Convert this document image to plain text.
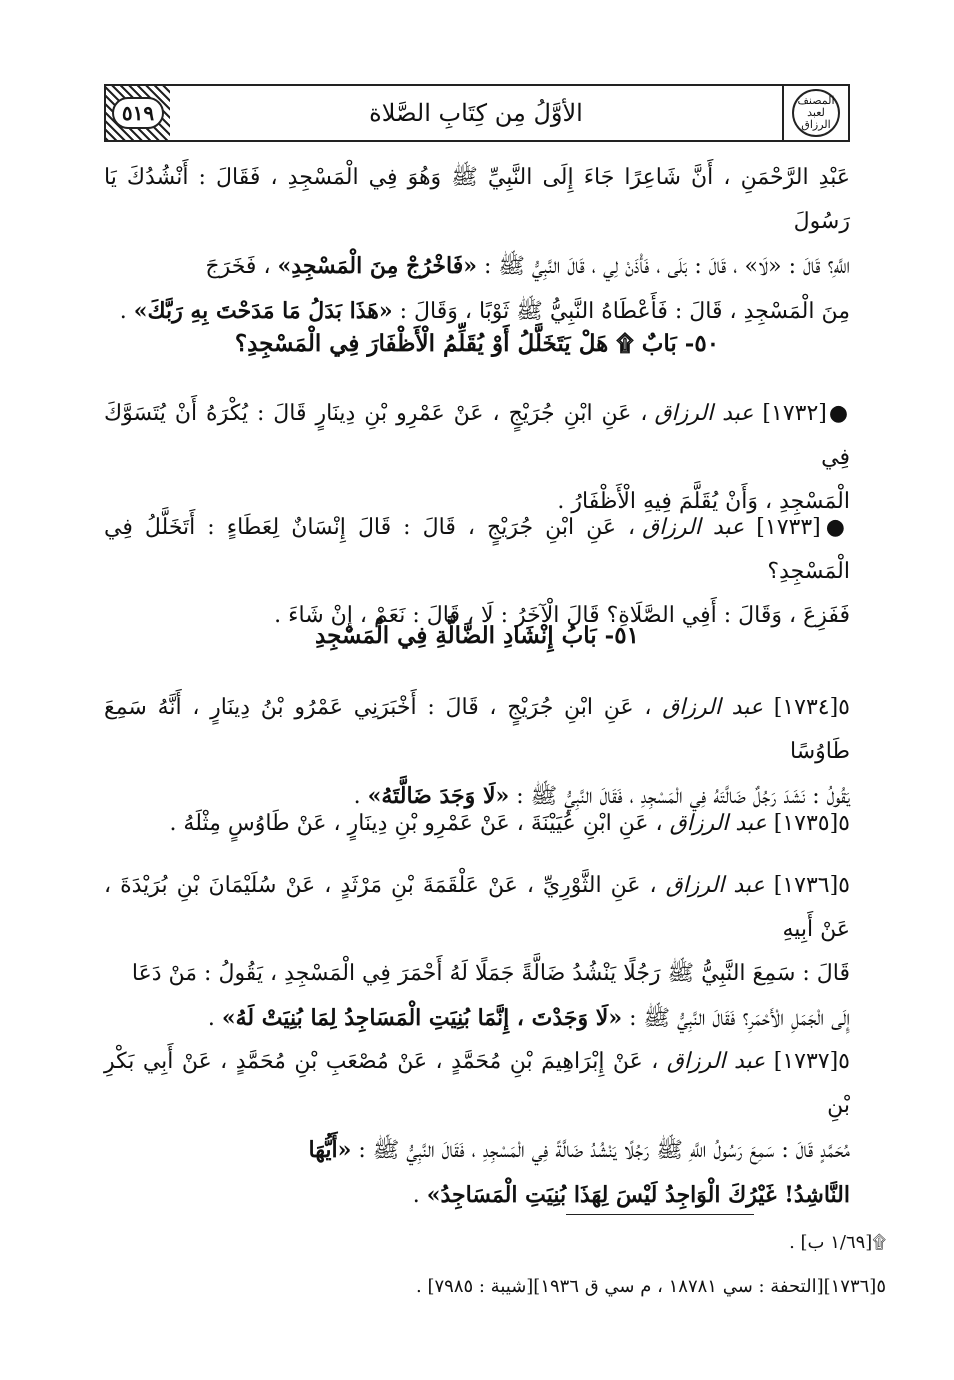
٥١٩	الأوَّلُ مِن كِتَابِ الصَّلاة	المصنف لعبد الرزاق

عَبْدِ الرَّحْمَنِ ، أَنَّ شَاعِرًا جَاءَ إِلَى النَّبِيِّ ﷺ وَهُوَ فِي الْمَسْجِدِ ، فَقَالَ : أَنْشُدُكَ يَا رَسُولَ

اللَّهِ؟ قَالَ : «لَا» ، قَالَ : بَلَى ، فَأْذَنْ لِي ، قَالَ النَّبِيُّ ﷺ : «فَاخْرُجْ مِنَ الْمَسْجِدِ» ، فَخَرَجَ

مِنَ الْمَسْجِدِ ، قَالَ : فَأَعْطَاهُ النَّبِيُّ ﷺ ثَوْبًا ، وَقَالَ : «هَذَا بَدَلُ مَا مَدَحْتَ بِهِ رَبَّكَ» .

٥٠- بَابٌ ۩ هَلْ يَتَخَلَّلُ أَوْ يُقَلِّمُ الْأَظْفَارَ فِي الْمَسْجِدِ؟

●[١٧٣٢] عبد الرزاق ، عَنِ ابْنِ جُرَيْجٍ ، عَنْ عَمْرِو بْنِ دِينَارٍ قَالَ : يُكْرَهُ أَنْ يُتَسَوَّكَ فِي

الْمَسْجِدِ ، وَأَنْ يُقَلَّمَ فِيهِ الْأَظْفَارُ .

●[١٧٣٣] عبد الرزاق ، عَنِ ابْنِ جُرَيْجٍ ، قَالَ : قَالَ إِنْسَانٌ لِعَطَاءٍ : أَتَخَلَّلُ فِي الْمَسْجِدِ؟

فَفَزِعَ ، وَقَالَ : أَفِي الصَّلَاةِ؟ قَالَ الْآخَرُ : لَا ، قَالَ : نَعَمْ ، إِنْ شَاءَ .

٥١- بَابُ إِنْشَادِ الضَّالَّةِ فِي الْمَسْجِدِ

٥[١٧٣٤] عبد الرزاق ، عَنِ ابْنِ جُرَيْجٍ ، قَالَ : أَخْبَرَنِي عَمْرُو بْنُ دِينَارٍ ، أَنَّهُ سَمِعَ طَاوُسًا

يَقُولُ : نَشَدَ رَجُلٌ ضَالَّتَهُ فِي الْمَسْجِدِ ، فَقَالَ النَّبِيُّ ﷺ : «لَا وَجَدَ ضَالَّتَهُ» .

٥[١٧٣٥] عبد الرزاق ، عَنِ ابْنِ عُيَيْنَةَ ، عَنْ عَمْرِو بْنِ دِينَارٍ ، عَنْ طَاوُسٍ مِثْلَهُ .

٥[١٧٣٦] عبد الرزاق ، عَنِ الثَّوْرِيِّ ، عَنْ عَلْقَمَةَ بْنِ مَرْثَدٍ ، عَنْ سُلَيْمَانَ بْنِ بُرَيْدَةَ ، عَنْ أَبِيهِ

قَالَ : سَمِعَ النَّبِيُّ ﷺ رَجُلًا يَنْشُدُ ضَالَّةً جَمَلًا لَهُ أَحْمَرَ فِي الْمَسْجِدِ ، يَقُولُ : مَنْ دَعَا

إِلَى الْجَمَلِ الْأَحْمَرِ؟ فَقَالَ النَّبِيُّ ﷺ : «لَا وَجَدْتَ ، إِنَّمَا بُنِيَتِ الْمَسَاجِدُ لِمَا بُنِيَتْ لَهُ» .

٥[١٧٣٧] عبد الرزاق ، عَنْ إِبْرَاهِيمَ بْنِ مُحَمَّدٍ ، عَنْ مُصْعَبِ بْنِ مُحَمَّدٍ ، عَنْ أَبِي بَكْرِ بْنِ

مُحَمَّدٍ قَالَ : سَمِعَ رَسُولُ اللَّهِ ﷺ رَجُلًا يَنْشُدُ ضَالَّةً فِي الْمَسْجِدِ ، فَقَالَ النَّبِيُّ ﷺ : «أَيُّهَا

النَّاشِدُ! غَيْرُكَ الْوَاجِدُ لَيْسَ لِهَذَا بُنِيَتِ الْمَسَاجِدُ» .

۩[١/٦٩ ب] .
٥[١٧٣٦][التحفة : سي ١٨٧٨١ ، م سي ق ١٩٣٦][شيبة : ٧٩٨٥] .
